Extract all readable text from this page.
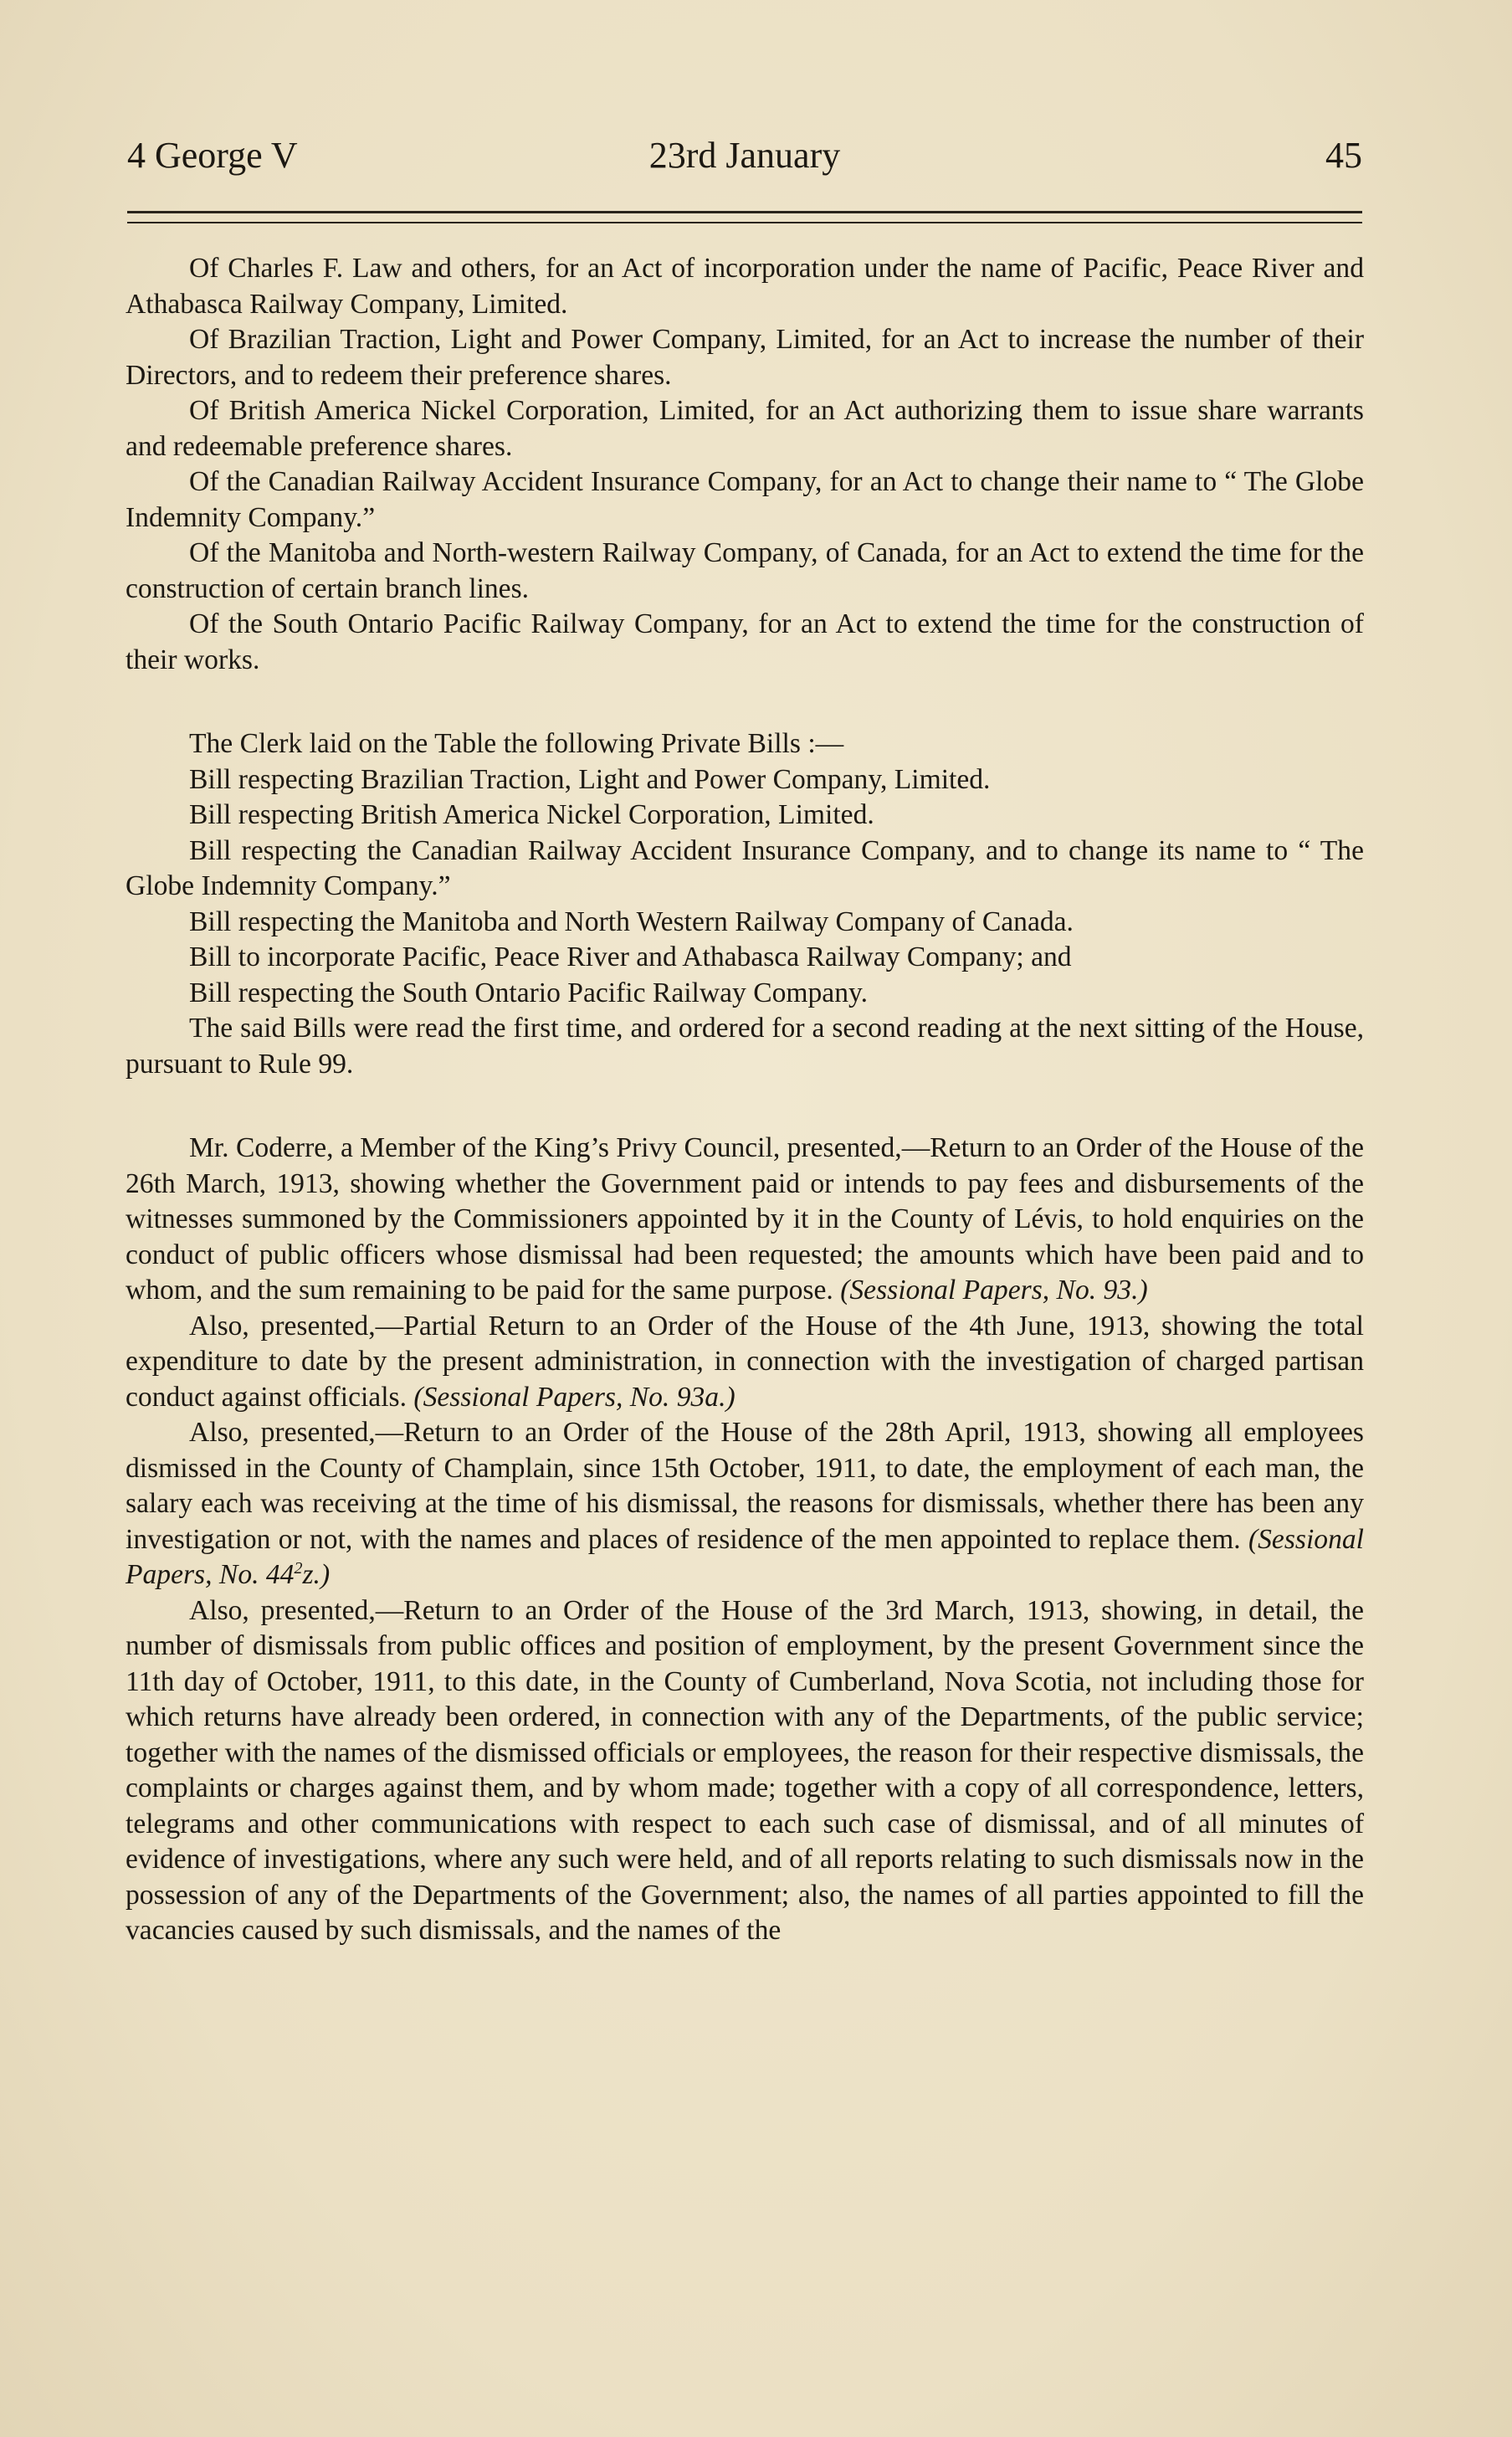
4 George V	23rd January	45

Of Charles F. Law and others, for an Act of incorporation under the name of Pacific, Peace River and Athabasca Railway Company, Limited.

Of Brazilian Traction, Light and Power Company, Limited, for an Act to increase the number of their Directors, and to redeem their preference shares.

Of British America Nickel Corporation, Limited, for an Act authorizing them to issue share warrants and redeemable preference shares.

Of the Canadian Railway Accident Insurance Company, for an Act to change their name to “ The Globe Indemnity Company.”

Of the Manitoba and North-western Railway Company, of Canada, for an Act to extend the time for the construction of certain branch lines.

Of the South Ontario Pacific Railway Company, for an Act to extend the time for the construction of their works.

The Clerk laid on the Table the following Private Bills :—

Bill respecting Brazilian Traction, Light and Power Company, Limited.

Bill respecting British America Nickel Corporation, Limited.

Bill respecting the Canadian Railway Accident Insurance Company, and to change its name to “ The Globe Indemnity Company.”

Bill respecting the Manitoba and North Western Railway Company of Canada.

Bill to incorporate Pacific, Peace River and Athabasca Railway Company; and

Bill respecting the South Ontario Pacific Railway Company.

The said Bills were read the first time, and ordered for a second reading at the next sitting of the House, pursuant to Rule 99.

Mr. Coderre, a Member of the King’s Privy Council, presented,—Return to an Order of the House of the 26th March, 1913, showing whether the Government paid or intends to pay fees and disbursements of the witnesses summoned by the Commissioners appointed by it in the County of Lévis, to hold enquiries on the conduct of public officers whose dismissal had been requested; the amounts which have been paid and to whom, and the sum remaining to be paid for the same purpose. (Sessional Papers, No. 93.)

Also, presented,—Partial Return to an Order of the House of the 4th June, 1913, showing the total expenditure to date by the present administration, in connection with the investigation of charged partisan conduct against officials. (Sessional Papers, No. 93a.)

Also, presented,—Return to an Order of the House of the 28th April, 1913, showing all employees dismissed in the County of Champlain, since 15th October, 1911, to date, the employment of each man, the salary each was receiving at the time of his dismissal, the reasons for dismissals, whether there has been any investigation or not, with the names and places of residence of the men appointed to replace them. (Sessional Papers, No. $44^2z$.)

Also, presented,—Return to an Order of the House of the 3rd March, 1913, showing, in detail, the number of dismissals from public offices and position of employment, by the present Government since the 11th day of October, 1911, to this date, in the County of Cumberland, Nova Scotia, not including those for which returns have already been ordered, in connection with any of the Departments, of the public service; together with the names of the dismissed officials or employees, the reason for their respective dismissals, the complaints or charges against them, and by whom made; together with a copy of all correspondence, letters, telegrams and other communications with respect to each such case of dismissal, and of all minutes of evidence of investigations, where any such were held, and of all reports relating to such dismissals now in the possession of any of the Departments of the Government; also, the names of all parties appointed to fill the vacancies caused by such dismissals, and the names of the
